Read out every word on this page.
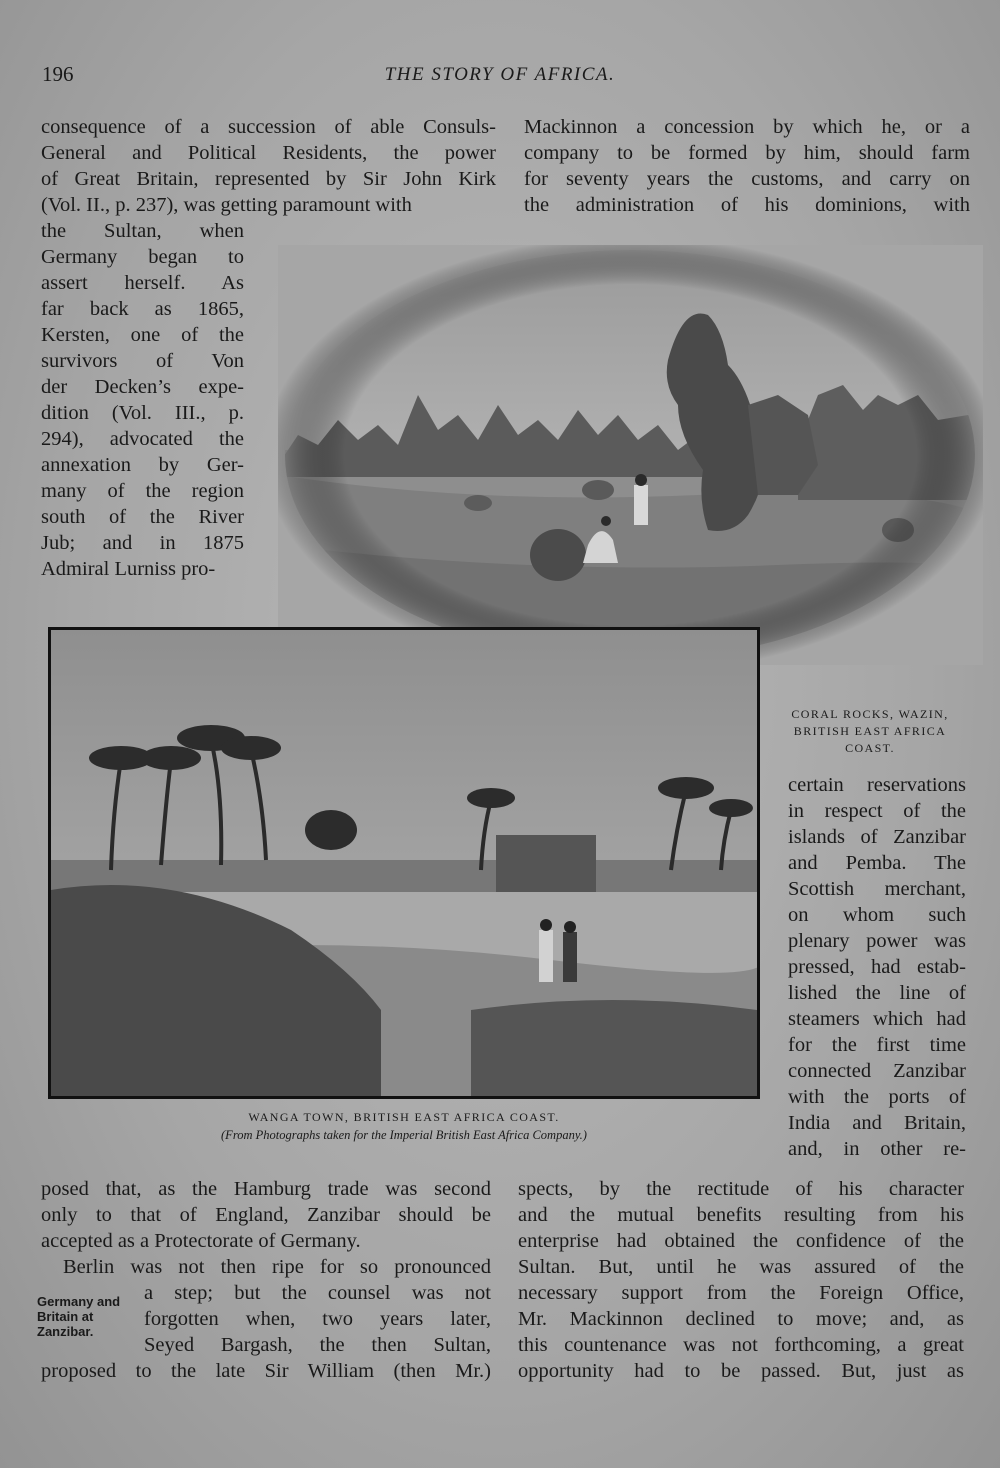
196	THE STORY OF AFRICA.
consequence of a succession of able Consuls-
General and Political Residents, the power
of Great Britain, represented by Sir John Kirk
(Vol. II., p. 237), was getting paramount with
the Sultan, when
Germany began to
assert herself. As
far back as 1865,
Kersten, one of the
survivors of Von
der Decken’s expe-
dition (Vol. III., p.
294), advocated the
annexation by Ger-
many of the region
south of the River
Jub; and in 1875
Admiral Lurniss pro-
Mackinnon a concession by which he, or a
company to be formed by him, should farm
for seventy years the customs, and carry on
the administration of his dominions, with
CORAL ROCKS, WAZIN,
BRITISH EAST AFRICA
COAST.
WANGA TOWN, BRITISH EAST AFRICA COAST.
(From Photographs taken for the Imperial British East Africa Company.)
certain reservations
in respect of the
islands of Zanzibar
and Pemba. The
Scottish merchant,
on whom such
plenary power was
pressed, had estab-
lished the line of
steamers which had
for the first time
connected Zanzibar
with the ports of
India and Britain,
and, in other re-
posed that, as the Hamburg trade was second
only to that of England, Zanzibar should be
accepted as a Protectorate of Germany.
Berlin was not then ripe for so pronounced
a step; but the counsel was not
forgotten when, two years later,
Seyed Bargash, the then Sultan,
proposed to the late Sir William (then Mr.)
Germany and
Britain at
Zanzibar.
spects, by the rectitude of his character
and the mutual benefits resulting from his
enterprise had obtained the confidence of the
Sultan. But, until he was assured of the
necessary support from the Foreign Office,
Mr. Mackinnon declined to move; and, as
this countenance was not forthcoming, a great
opportunity had to be passed. But, just as
